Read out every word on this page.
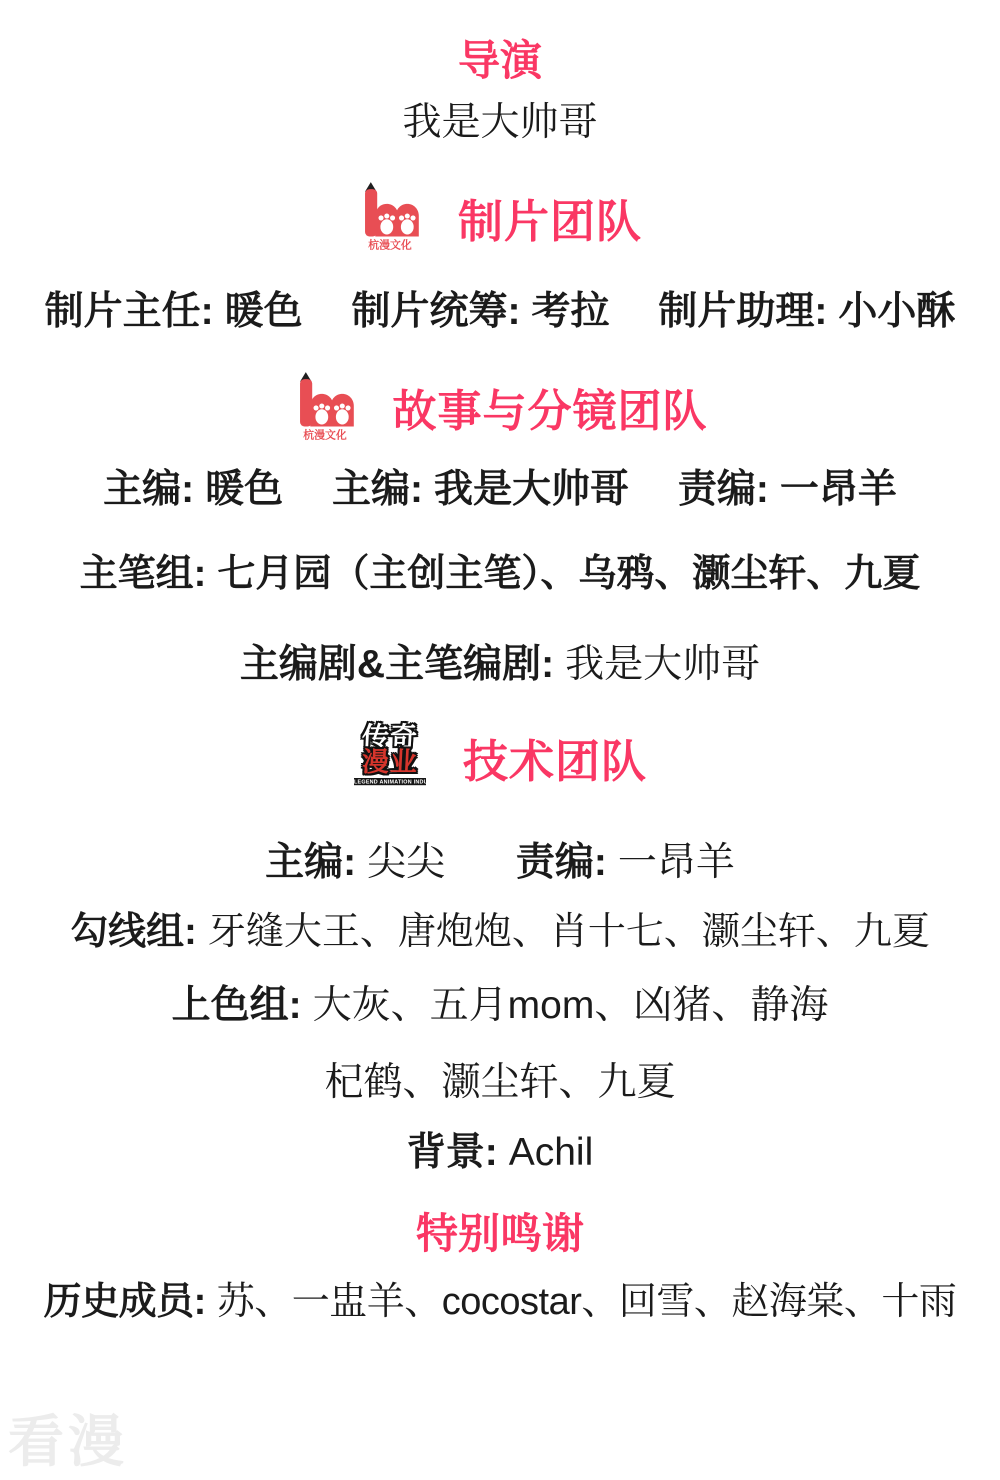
导演
我是大帅哥
杭漫文化 制片团队
制片主任: 暖色 制片统筹: 考拉 制片助理: 小小酥
杭漫文化 故事与分镜团队
主编: 暖色 主编: 我是大帅哥 责编: 一昂羊
主笔组: 七月园（主创主笔）、乌鸦、灏尘轩、九夏
主编剧&主笔编剧: 我是大帅哥
传奇
漫业
LEGEND ANIMATION INDUSTRY 技术团队
主编: 尖尖 责编: 一昂羊
勾线组: 牙缝大王、唐炮炮、肖十七、灏尘轩、九夏
上色组: 大灰、五月mom、凶猪、静海
杞鹤、灏尘轩、九夏
背景: Achil
特别鸣谢
历史成员: 苏、一盅羊、cocostar、回雪、赵海棠、十雨
看漫
